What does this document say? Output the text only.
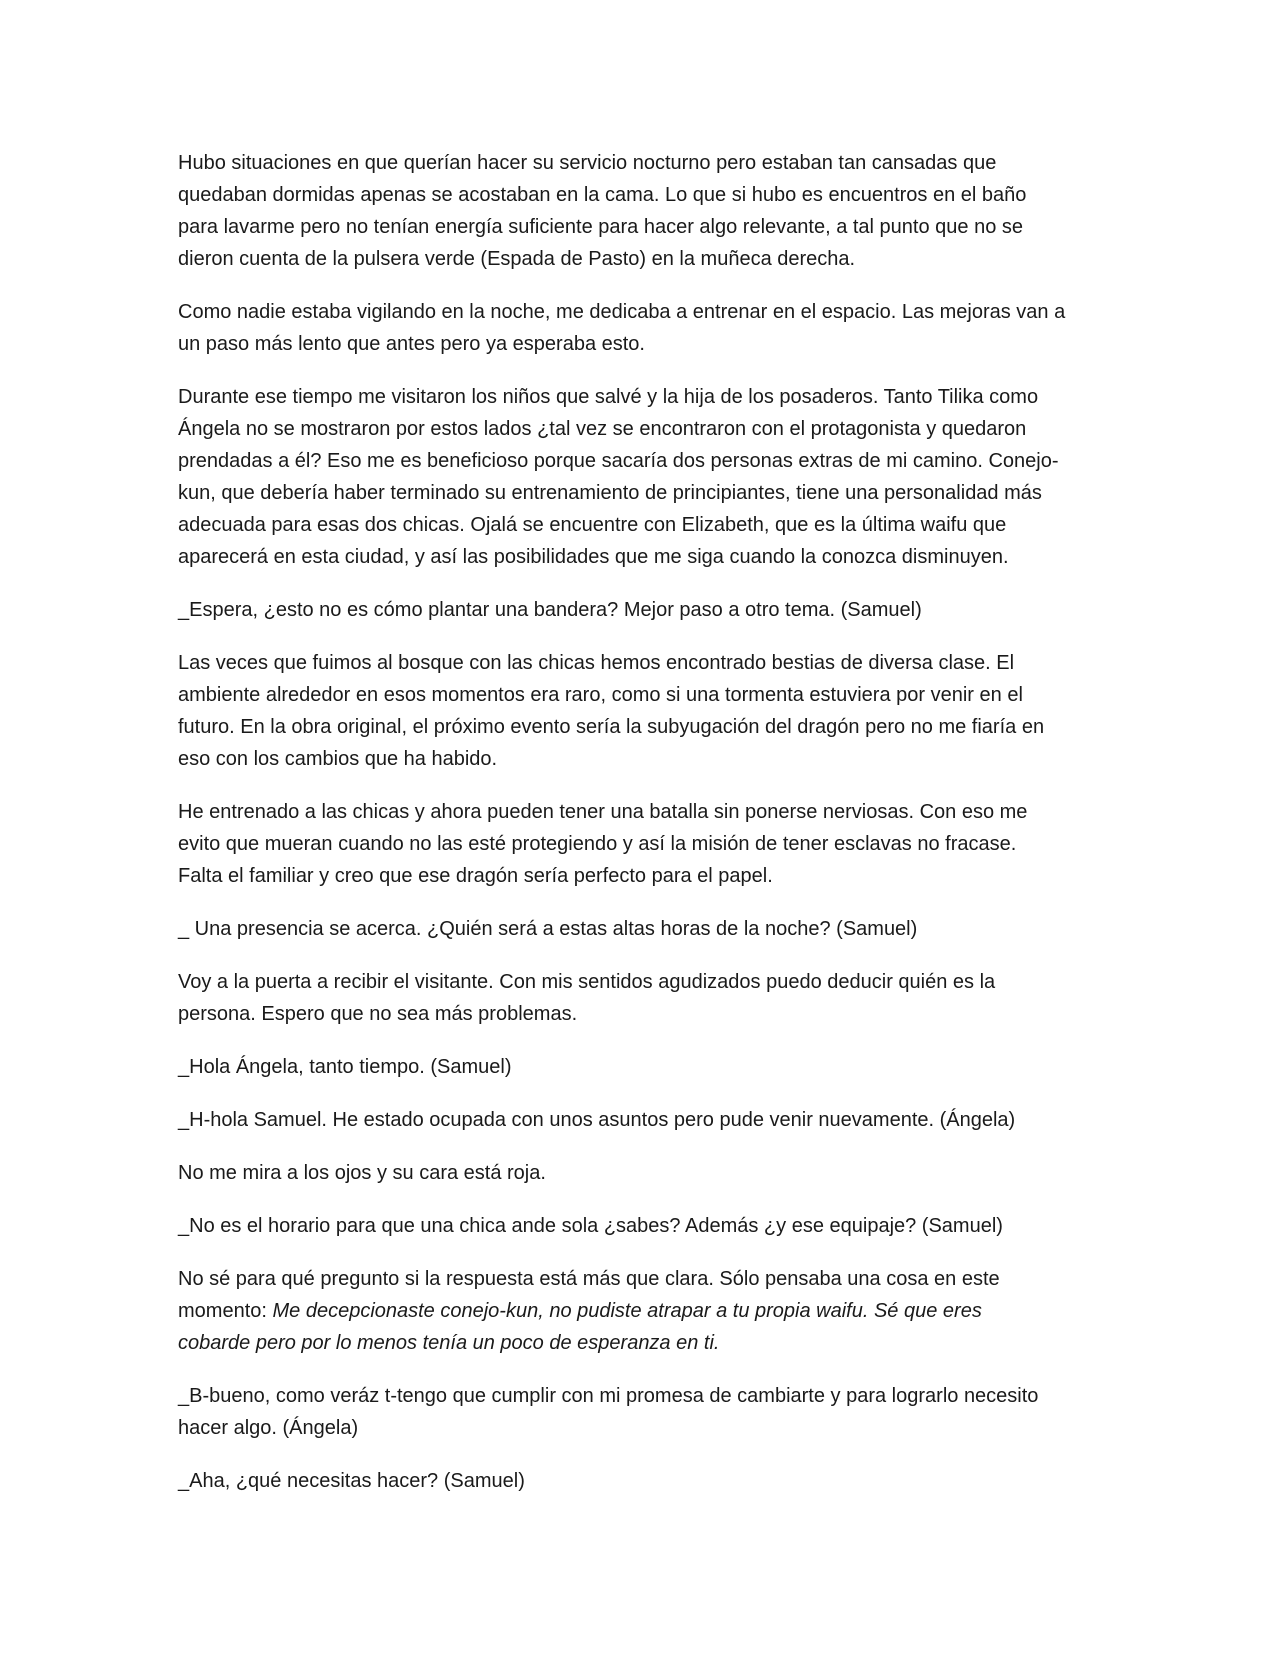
Hubo situaciones en que querían hacer su servicio nocturno pero estaban tan cansadas que
quedaban dormidas apenas se acostaban en la cama. Lo que si hubo es encuentros en el baño
para lavarme pero no tenían energía suficiente para hacer algo relevante, a tal punto que no se
dieron cuenta de la pulsera verde (Espada de Pasto) en la muñeca derecha.

Como nadie estaba vigilando en la noche, me dedicaba a entrenar en el espacio. Las mejoras van a
un paso más lento que antes pero ya esperaba esto.

Durante ese tiempo me visitaron los niños que salvé y la hija de los posaderos. Tanto Tilika como
Ángela no se mostraron por estos lados ¿tal vez se encontraron con el protagonista y quedaron
prendadas a él? Eso me es beneficioso porque sacaría dos personas extras de mi camino. Conejo-
kun, que debería haber terminado su entrenamiento de principiantes, tiene una personalidad más
adecuada para esas dos chicas. Ojalá se encuentre con Elizabeth, que es la última waifu que
aparecerá en esta ciudad, y así las posibilidades que me siga cuando la conozca disminuyen.

_Espera, ¿esto no es cómo plantar una bandera? Mejor paso a otro tema. (Samuel)

Las veces que fuimos al bosque con las chicas hemos encontrado bestias de diversa clase. El
ambiente alrededor en esos momentos era raro, como si una tormenta estuviera por venir en el
futuro. En la obra original, el próximo evento sería la subyugación del dragón pero no me fiaría en
eso con los cambios que ha habido.

He entrenado a las chicas y ahora pueden tener una batalla sin ponerse nerviosas. Con eso me
evito que mueran cuando no las esté protegiendo y así la misión de tener esclavas no fracase.
Falta el familiar y creo que ese dragón sería perfecto para el papel.

_ Una presencia se acerca. ¿Quién será a estas altas horas de la noche? (Samuel)

Voy a la puerta a recibir el visitante. Con mis sentidos agudizados puedo deducir quién es la
persona. Espero que no sea más problemas.

_Hola Ángela, tanto tiempo. (Samuel)

_H-hola Samuel. He estado ocupada con unos asuntos pero pude venir nuevamente. (Ángela)

No me mira a los ojos y su cara está roja.

_No es el horario para que una chica ande sola ¿sabes? Además ¿y ese equipaje? (Samuel)

No sé para qué pregunto si la respuesta está más que clara. Sólo pensaba una cosa en este
momento: Me decepcionaste conejo-kun, no pudiste atrapar a tu propia waifu. Sé que eres
cobarde pero por lo menos tenía un poco de esperanza en ti.

_B-bueno, como veráz t-tengo que cumplir con mi promesa de cambiarte y para lograrlo necesito
hacer algo. (Ángela)

_Aha, ¿qué necesitas hacer? (Samuel)
